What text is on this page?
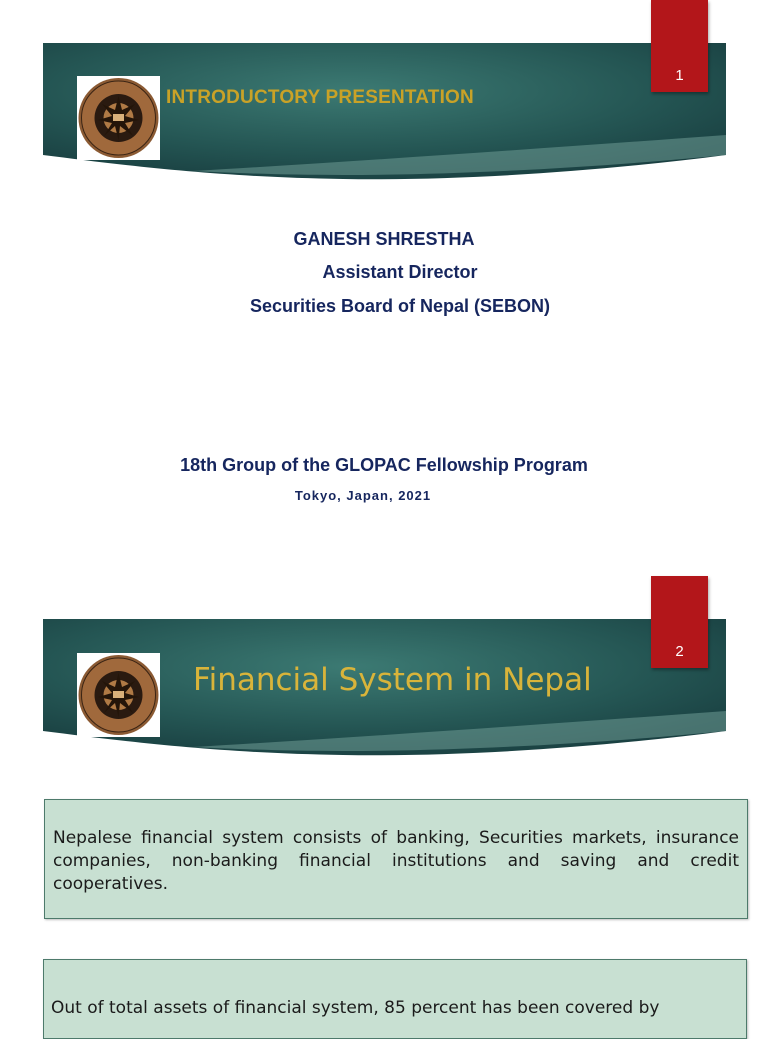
1
INTRODUCTORY PRESENTATION
GANESH SHRESTHA
Assistant Director
Securities Board of Nepal (SEBON)
18th Group of the GLOPAC Fellowship Program
Tokyo, Japan, 2021
2
Financial System in Nepal
Nepalese financial system consists of banking, Securities markets, insurance companies, non-banking financial institutions and saving and credit cooperatives.
Out of total assets of financial system, 85 percent has been covered by
